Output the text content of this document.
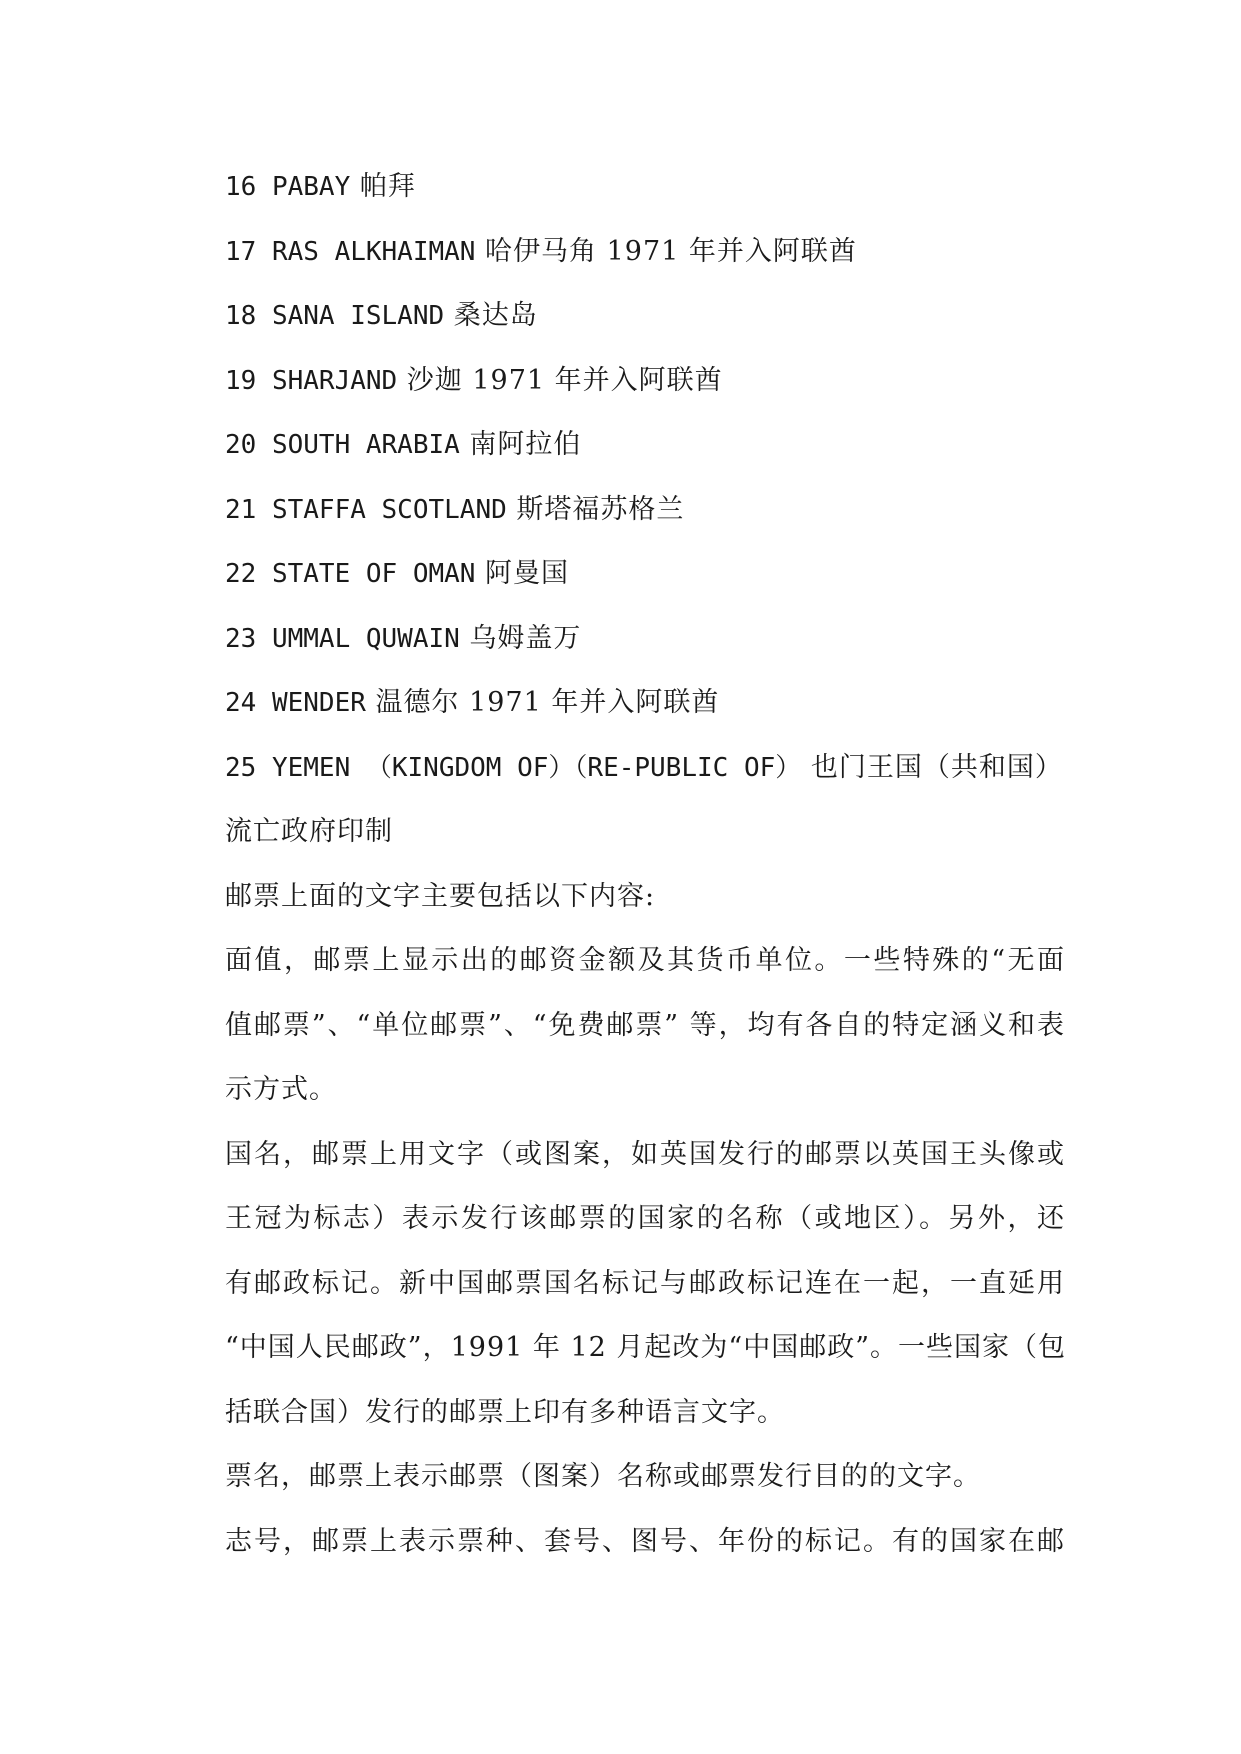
16 PABAY 帕拜
17 RAS ALKHAIMAN 哈伊马角 1971 年并入阿联酋
18 SANA ISLAND 桑达岛
19 SHARJAND 沙迦 1971 年并入阿联酋
20 SOUTH ARABIA 南阿拉伯
21 STAFFA SCOTLAND 斯塔福苏格兰
22 STATE OF OMAN 阿曼国
23 UMMAL QUWAIN 乌姆盖万
24 WENDER 温德尔 1971 年并入阿联酋
25 YEMEN （KINGDOM OF）（RE-PUBLIC OF） 也门王国（共和国）
流亡政府印制
邮票上面的文字主要包括以下内容:
面值，邮票上显示出的邮资金额及其货币单位。一些特殊的“无面
值邮票”、“单位邮票”、“免费邮票” 等，均有各自的特定涵义和表
示方式。
国名，邮票上用文字（或图案，如英国发行的邮票以英国王头像或
王冠为标志）表示发行该邮票的国家的名称（或地区）。另外，还
有邮政标记。新中国邮票国名标记与邮政标记连在一起，一直延用
“中国人民邮政”，1991 年 12 月起改为“中国邮政”。一些国家（包
括联合国）发行的邮票上印有多种语言文字。
票名，邮票上表示邮票（图案）名称或邮票发行目的的文字。
志号，邮票上表示票种、套号、图号、年份的标记。有的国家在邮
